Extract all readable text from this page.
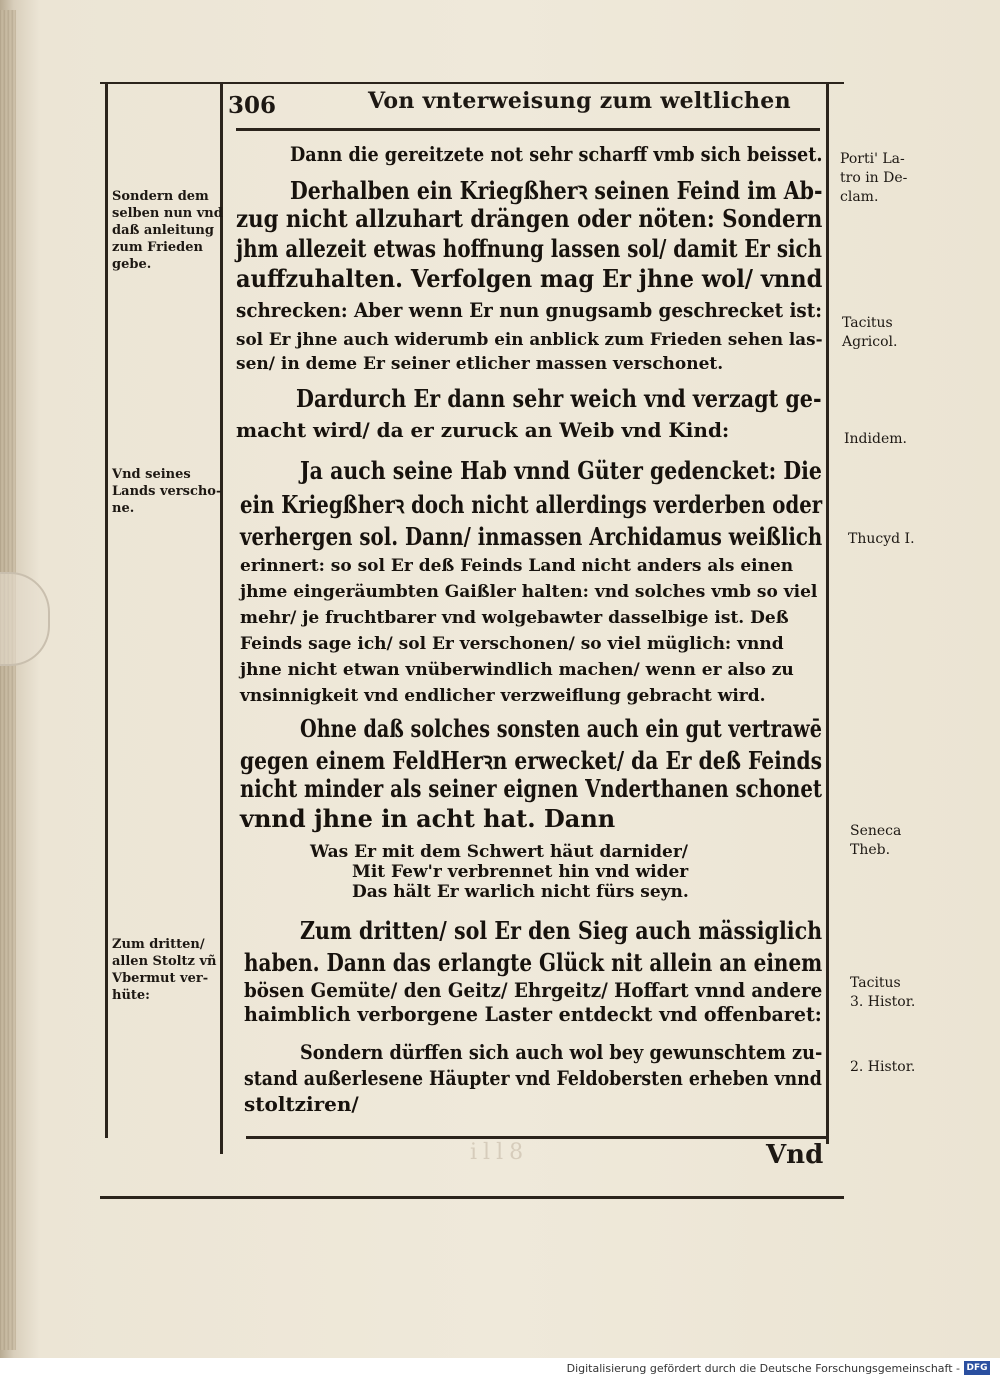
306	Von vnterweisung zum weltlichen
Dann die gereitzete not sehr scharff vmb sich beisset.
Derhalben ein Kriegßherꝛ seinen Feind im Ab-
zug nicht allzuhart drängen oder nöten: Sondern
jhm allezeit etwas hoffnung lassen sol/ damit Er sich
auffzuhalten. Verfolgen mag Er jhne wol/ vnnd
schrecken: Aber wenn Er nun gnugsamb geschrecket ist:
sol Er jhne auch widerumb ein anblick zum Frieden sehen las-
sen/ in deme Er seiner etlicher massen verschonet.
Dardurch Er dann sehr weich vnd verzagt ge-
macht wird/ da er zuruck an Weib vnd Kind:
Ja auch seine Hab vnnd Güter gedencket: Die
ein Kriegßherꝛ doch nicht allerdings verderben oder
verhergen sol. Dann/ inmassen Archidamus weißlich
erinnert: so sol Er deß Feinds Land nicht anders als einen
jhme eingeräumbten Gaißler halten: vnd solches vmb so viel
mehr/ je fruchtbarer vnd wolgebawter dasselbige ist. Deß
Feinds sage ich/ sol Er verschonen/ so viel müglich: vnnd
jhne nicht etwan vnüberwindlich machen/ wenn er also zu
vnsinnigkeit vnd endlicher verzweiflung gebracht wird.
Ohne daß solches sonsten auch ein gut vertrawē
gegen einem FeldHerꝛn erwecket/ da Er deß Feinds
nicht minder als seiner eignen Vnderthanen schonet
vnnd jhne in acht hat. Dann
Was Er mit dem Schwert häut darnider/
Mit Few'r verbrennet hin vnd wider
Das hält Er warlich nicht fürs seyn.
Zum dritten/ sol Er den Sieg auch mässiglich
haben. Dann das erlangte Glück nit allein an einem
bösen Gemüte/ den Geitz/ Ehrgeitz/ Hoffart vnnd andere
haimblich verborgene Laster entdeckt vnd offenbaret:
Sondern dürffen sich auch wol bey gewunschtem zu-
stand außerlesene Häupter vnd Feldobersten erheben vnnd
stoltziren/
Sondern dem
selben nun vnd
daß anleitung
zum Frieden
gebe.
Vnd seines
Lands verscho-
ne.
Zum dritten/
allen Stoltz vñ
Vbermut ver-
hüte:
Porti' La-
tro in De-
clam.
Tacitus
Agricol.
Indidem.
Thucyd I.
Seneca
Theb.
Tacitus
3. Histor.
2. Histor.
ill8	Vnd
Digitalisierung gefördert durch die Deutsche Forschungsgemeinschaft - DFG
